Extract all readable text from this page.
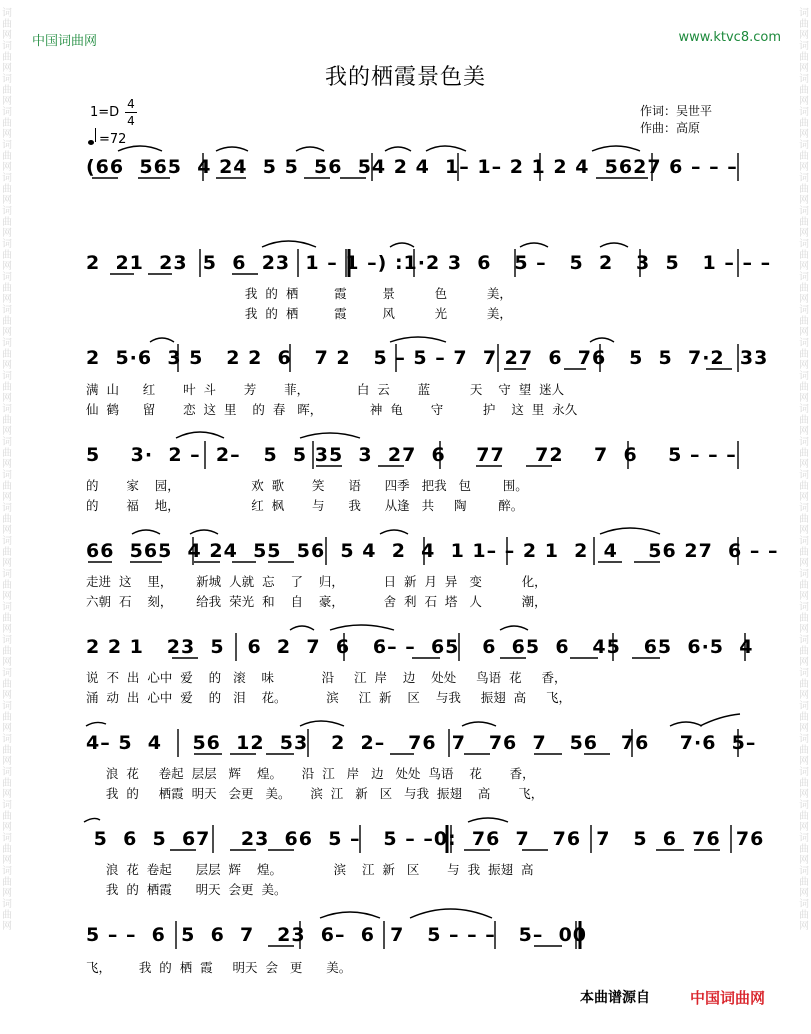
词曲网词曲网词曲网词曲网词曲网词曲网词曲网词曲网词曲网词曲网词曲网词曲网词曲网词曲网词曲网词曲网词曲网词曲网词曲网词曲网词曲网词曲网词曲网词曲网词曲网词曲网词曲网词曲网
词曲网词曲网词曲网词曲网词曲网词曲网词曲网词曲网词曲网词曲网词曲网词曲网词曲网词曲网词曲网词曲网词曲网词曲网词曲网词曲网词曲网词曲网词曲网词曲网词曲网词曲网词曲网词曲网
中国词曲网	www.ktvc8.com
我的栖霞景色美
1=D
4
4
=72
作词：吴世平
作曲：高原
(66  565  4 24  5 5  56  54 2 4  1– 1– 2 1 2 4  5627 6 – – –
2  21  23  5  6  23  1 – 1 –) :1·2 3  6   5 –   5  2   3  5   1 – – –
2  5·6  3 5   2 2  6   7 2   5 – 5 – 7  7 27  6  76   5  5  7·2  33
5    3·  2 –  2–   5  5 35  3  27  6    77    72    7  6    5 – – –
66  565  4 24  55  56  5 4  2  4  1 1– – 2 1  2  4    56 27  6 – –
2 2 1   23  5   6  2  7  6   6– –  65   6  65  6   45   65  6·5  4
4– 5  4    56  12  53   2  2–   76  7   76  7   56   76    7·6  5–
5  6  5  67    23  66  5 –   5 – –0:  76  7   76  7   5  6  76  76
5 – –  6  5  6  7   23  6–  6  7   5 – – –   5–  00
我  的  栖         霞         景          色          美，
我  的  栖         霞         风          光          美，
满  山      红       叶  斗       芳       菲，            白  云       蓝          天    守  望  迷人
仙  鹤      留       恋  这  里    的  春   晖，            神  龟       守          护    这  里  永久
的       家    园，                  欢  歌       笑      语      四季   把我   包        围。
的       福    地，                  红  枫       与      我      从逢   共     陶        醉。
走进  这    里，      新城  人就  忘    了    归，          日  新  月  异   变          化，
六朝  石    刻，      给我  荣光  和    自    豪，          舍  利  石  塔   人          潮，
说  不  出  心中  爱    的   滚    味            沿     江  岸    边    处处     鸟语  花     香，
涌  动  出  心中  爱    的   泪    花。          滨     江  新    区    与我     振翅  高     飞，
浪  花     卷起  层层   辉    煌。     沿  江   岸   边   处处  鸟语    花       香，
我  的     栖霞  明天   会更   美。     滨  江   新   区   与我  振翅    高       飞，
浪  花  卷起      层层  辉    煌。             滨    江  新   区       与  我  振翅  高
我  的  栖霞      明天  会更  美。
飞，       我  的  栖  霞     明天  会   更      美。
本曲谱源自	中国词曲网
